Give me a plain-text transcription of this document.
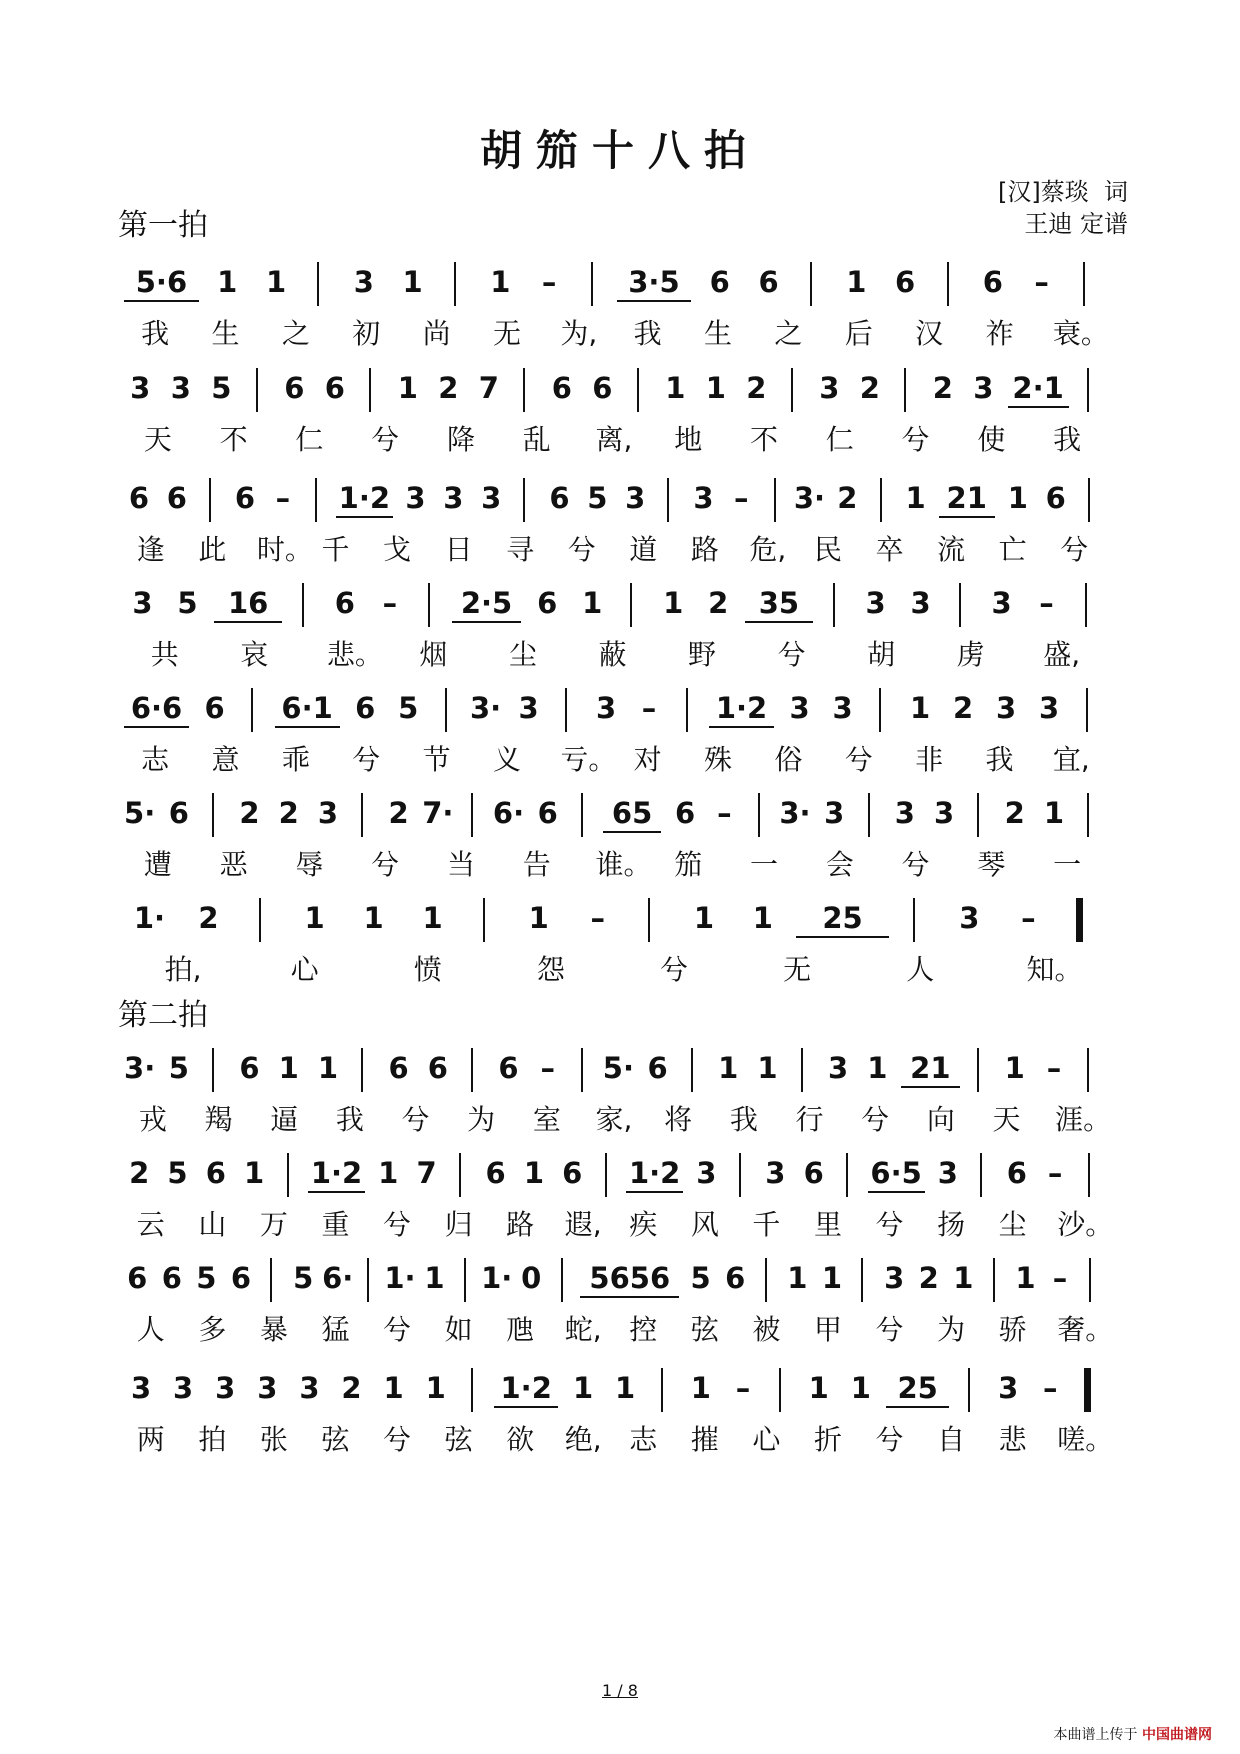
胡笳十八拍
[汉]蔡琰  词
王迪 定谱
第一拍
第二拍
5·6	1 1	3 1	1	–	3·5	6 6	1 6	6	–
我 生 之 初 尚 无 为, 我 生 之 后 汉 祚 衰。
3 3 5	6 6	1 2 7	6 6	1 1 2	3 2	2 3 2·1
天 不 仁 兮 降 乱 离, 地 不 仁 兮 使 我
6 6	6 –	1·2 3 3 3	6 5 3	3 –	3· 2	1 21 1 6
逢 此 时。 千 戈 日 寻 兮 道 路 危, 民 卒 流 亡 兮
3 5	16	6 –	2·5 6 1	1 2	35	3 3	3 –
共 哀 悲。 烟 尘 蔽 野 兮 胡 虏 盛,
6·6 6	6·1 6 5	3· 3	3 –	1·2 3 3	1 2 3 3
志 意 乖 兮 节 义 亏。 对 殊 俗 兮 非 我 宜,
5· 6	2 2 3	2 7· 6· 6	65 6 –	3· 3	3 3	2 1
遭 恶 辱 兮 当 告 谁。 笳 一 会 兮 琴 一
1·	2	1	1	1	1	–	1	1	25	3	–
拍,	心	愤	怨	兮	无	人	知。
3· 5	6 1 1	6 6	6 –	5· 6	1 1	3 1 21	1 –
戎 羯 逼 我 兮 为 室 家, 将 我 行 兮 向 天 涯。
2 5 6 1	1·2 1 7	6 1 6	1·2 3	3 6	6·5 3	6 –
云 山 万 重 兮 归 路 遐, 疾 风 千 里 兮 扬 尘 沙。
6 6 5 6 5 6· 1· 1 1· 0	5656 5 6 1 1 3 2 1 1 –
人 多 暴 猛 兮 如 虺 蛇, 控 弦 被 甲 兮 为 骄 奢。
3 3 3 3 3 2 1 1	1·2 1 1	1 –	1 1 25	3 –
两 拍 张 弦 兮 弦 欲 绝, 志 摧 心 折 兮 自 悲 嗟。
1 / 8
本曲谱上传于 中国曲谱网
